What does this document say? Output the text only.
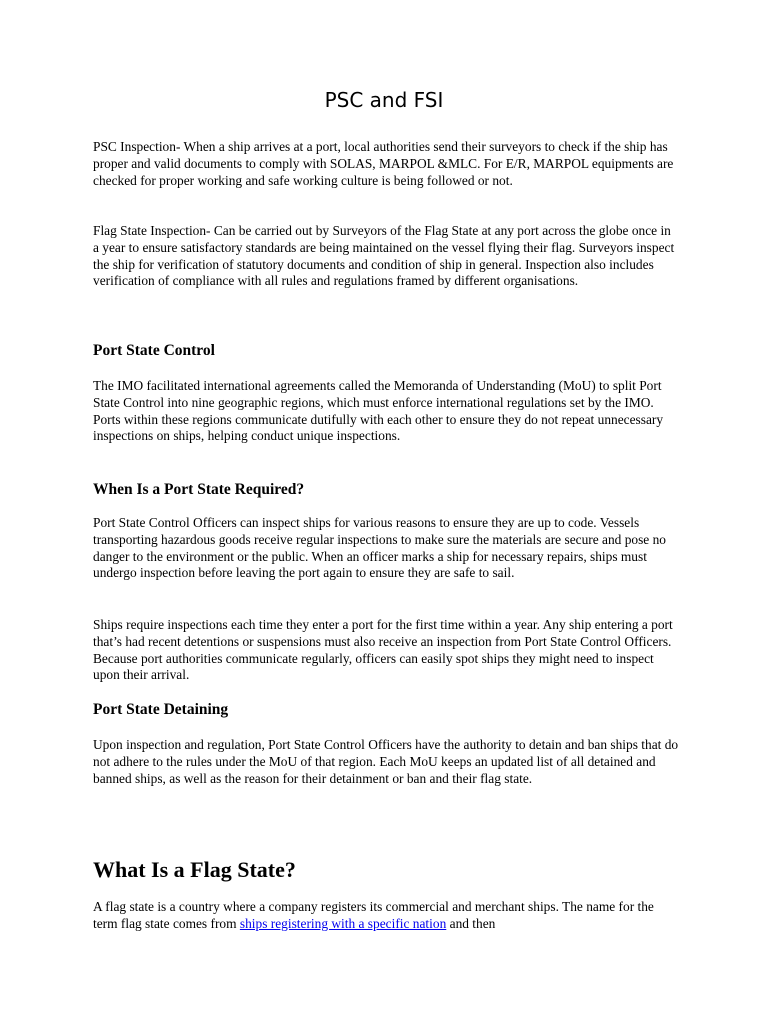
PSC and FSI

PSC Inspection- When a ship arrives at a port, local authorities send their surveyors to check if the ship has proper and valid documents to comply with SOLAS, MARPOL &MLC. For E/R, MARPOL equipments are checked for proper working and safe working culture is being followed or not.

Flag State Inspection- Can be carried out by Surveyors of the Flag State at any port across the globe once in a year to ensure satisfactory standards are being maintained on the vessel flying their flag. Surveyors inspect the ship for verification of statutory documents and condition of ship in general. Inspection also includes verification of compliance with all rules and regulations framed by different organisations.

Port State Control

The IMO facilitated international agreements called the Memoranda of Understanding (MoU) to split Port State Control into nine geographic regions, which must enforce international regulations set by the IMO. Ports within these regions communicate dutifully with each other to ensure they do not repeat unnecessary inspections on ships, helping conduct unique inspections.

When Is a Port State Required?

Port State Control Officers can inspect ships for various reasons to ensure they are up to code. Vessels transporting hazardous goods receive regular inspections to make sure the materials are secure and pose no danger to the environment or the public. When an officer marks a ship for necessary repairs, ships must undergo inspection before leaving the port again to ensure they are safe to sail.

Ships require inspections each time they enter a port for the first time within a year. Any ship entering a port that’s had recent detentions or suspensions must also receive an inspection from Port State Control Officers. Because port authorities communicate regularly, officers can easily spot ships they might need to inspect upon their arrival.

Port State Detaining

Upon inspection and regulation, Port State Control Officers have the authority to detain and ban ships that do not adhere to the rules under the MoU of that region. Each MoU keeps an updated list of all detained and banned ships, as well as the reason for their detainment or ban and their flag state.

What Is a Flag State?

A flag state is a country where a company registers its commercial and merchant ships. The name for the term flag state comes from ships registering with a specific nation and then
